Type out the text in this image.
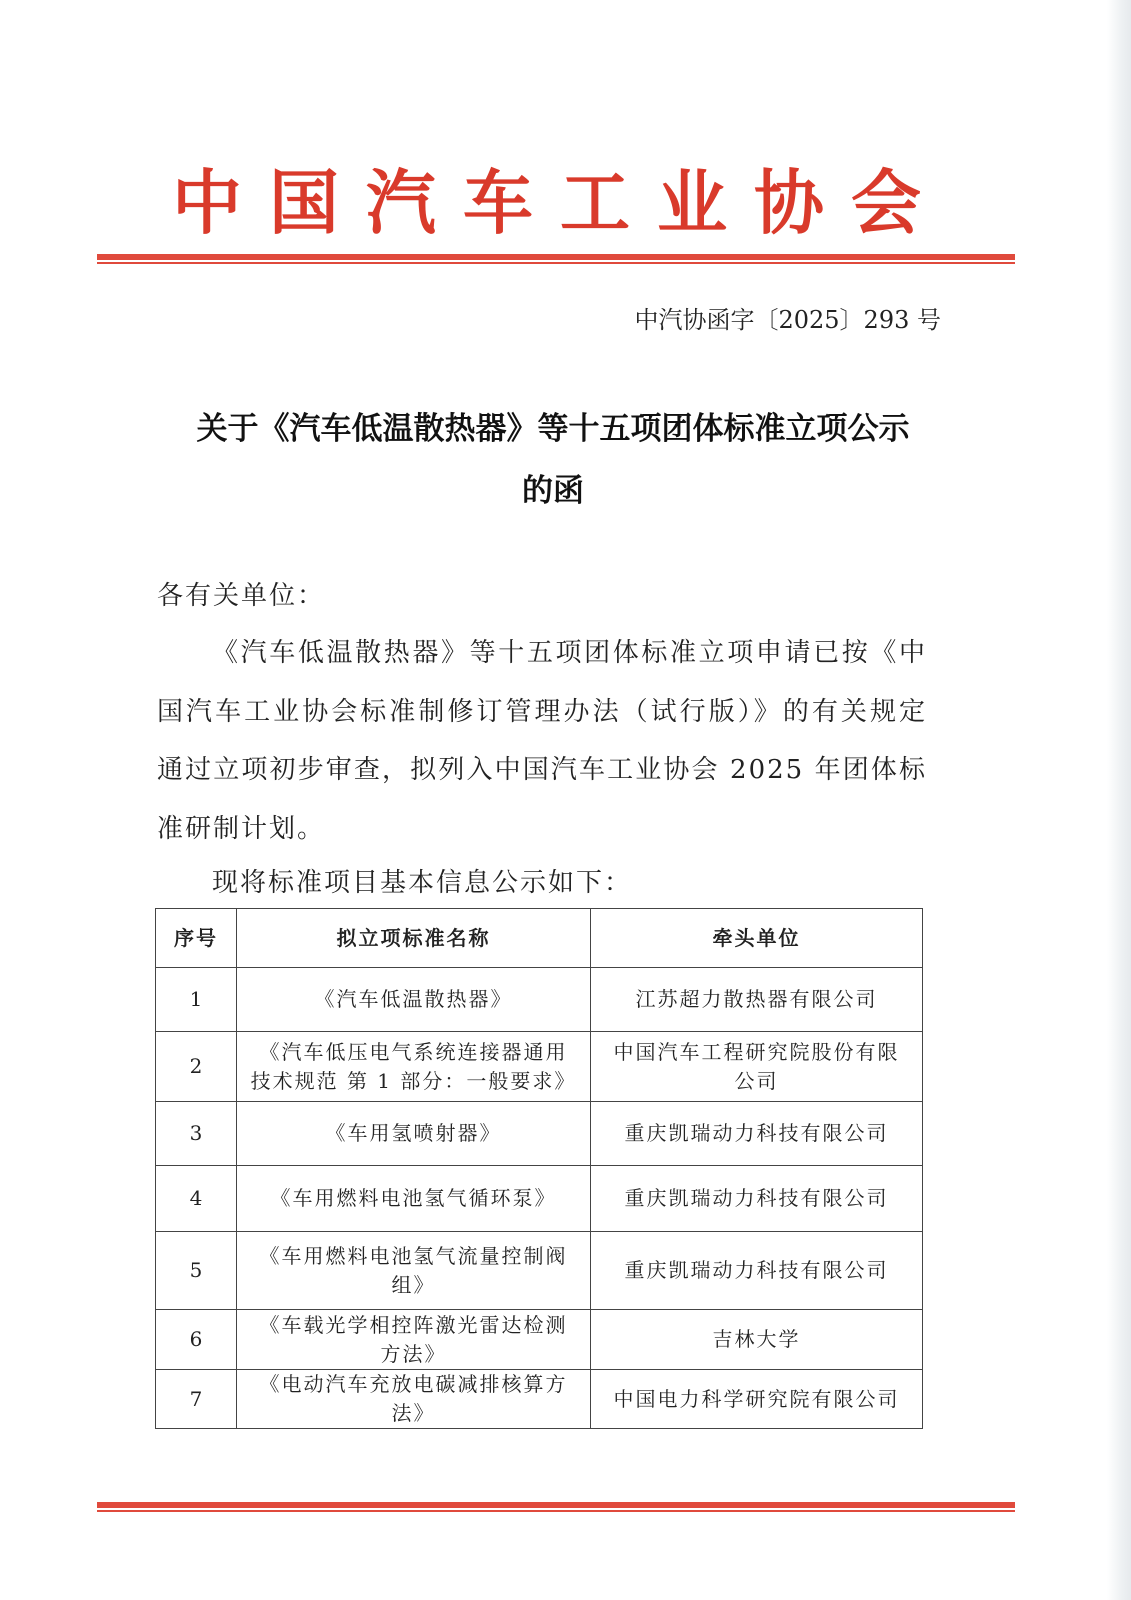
中国汽车工业协会
中汽协函字〔2025〕293 号
关于《汽车低温散热器》等十五项团体标准立项公示
的函
各有关单位：
《汽车低温散热器》等十五项团体标准立项申请已按《中国汽车工业协会标准制修订管理办法（试行版）》的有关规定通过立项初步审查，拟列入中国汽车工业协会 2025 年团体标准研制计划。
现将标准项目基本信息公示如下：
序号	拟立项标准名称	牵头单位
1	《汽车低温散热器》	江苏超力散热器有限公司
2	《汽车低压电气系统连接器通用技术规范 第 1 部分：一般要求》	中国汽车工程研究院股份有限公司
3	《车用氢喷射器》	重庆凯瑞动力科技有限公司
4	《车用燃料电池氢气循环泵》	重庆凯瑞动力科技有限公司
5	《车用燃料电池氢气流量控制阀组》	重庆凯瑞动力科技有限公司
6	《车载光学相控阵激光雷达检测方法》	吉林大学
7	《电动汽车充放电碳减排核算方法》	中国电力科学研究院有限公司
